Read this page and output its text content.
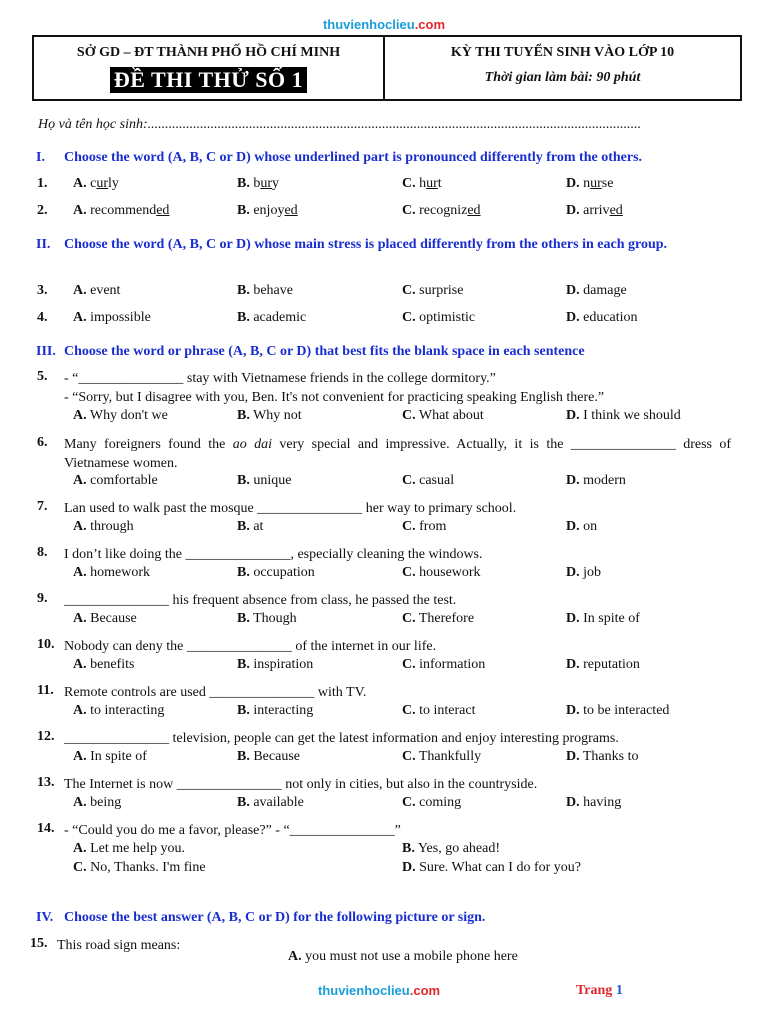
thuvienhoclieu.com
SỞ GD – ĐT THÀNH PHỐ HỒ CHÍ MINH
ĐỀ THI THỬ SỐ 1
KỲ THI TUYỂN SINH VÀO LỚP 10
Thời gian làm bài: 90 phút
Họ và tên học sinh:.............................................................................................................................................
I. Choose the word (A, B, C or D) whose underlined part is pronounced differently from the others.
1. A. curly	B. bury	C. hurt	D. nurse
2. A. recommended	B. enjoyed	C. recognized	D. arrived
II. Choose the word (A, B, C or D) whose main stress is placed differently from the others in each group.
3. A. event	B. behave	C. surprise	D. damage
4. A. impossible	B. academic	C. optimistic	D. education
III. Choose the word or phrase (A, B, C or D) that best fits the blank space in each sentence
5. - “_______________ stay with Vietnamese friends in the college dormitory.”
- “Sorry, but I disagree with you, Ben. It's not convenient for practicing speaking English there.”
A. Why don't we	B. Why not	C. What about	D. I think we should
6. Many foreigners found the ao dai very special and impressive. Actually, it is the _______________ dress of Vietnamese women.
A. comfortable	B. unique	C. casual	D. modern
7. Lan used to walk past the mosque _______________ her way to primary school.
A. through	B. at	C. from	D. on
8. I don’t like doing the _______________, especially cleaning the windows.
A. homework	B. occupation	C. housework	D. job
9. _______________ his frequent absence from class, he passed the test.
A. Because	B. Though	C. Therefore	D. In spite of
10. Nobody can deny the _______________ of the internet in our life.
A. benefits	B. inspiration	C. information	D. reputation
11. Remote controls are used _______________ with TV.
A. to interacting	B. interacting	C. to interact	D. to be interacted
12. _______________ television, people can get the latest information and enjoy interesting programs.
A. In spite of	B. Because	C. Thankfully	D. Thanks to
13. The Internet is now _______________ not only in cities, but also in the countryside.
A. being	B. available	C. coming	D. having
14. - “Could you do me a favor, please?” - “_______________”
A. Let me help you.	B. Yes, go ahead!
C. No, Thanks. I'm fine	D. Sure. What can I do for you?
IV. Choose the best answer (A, B, C or D) for the following picture or sign.
15. This road sign means:
A. you must not use a mobile phone here
thuvienhoclieu.com	Trang 1
